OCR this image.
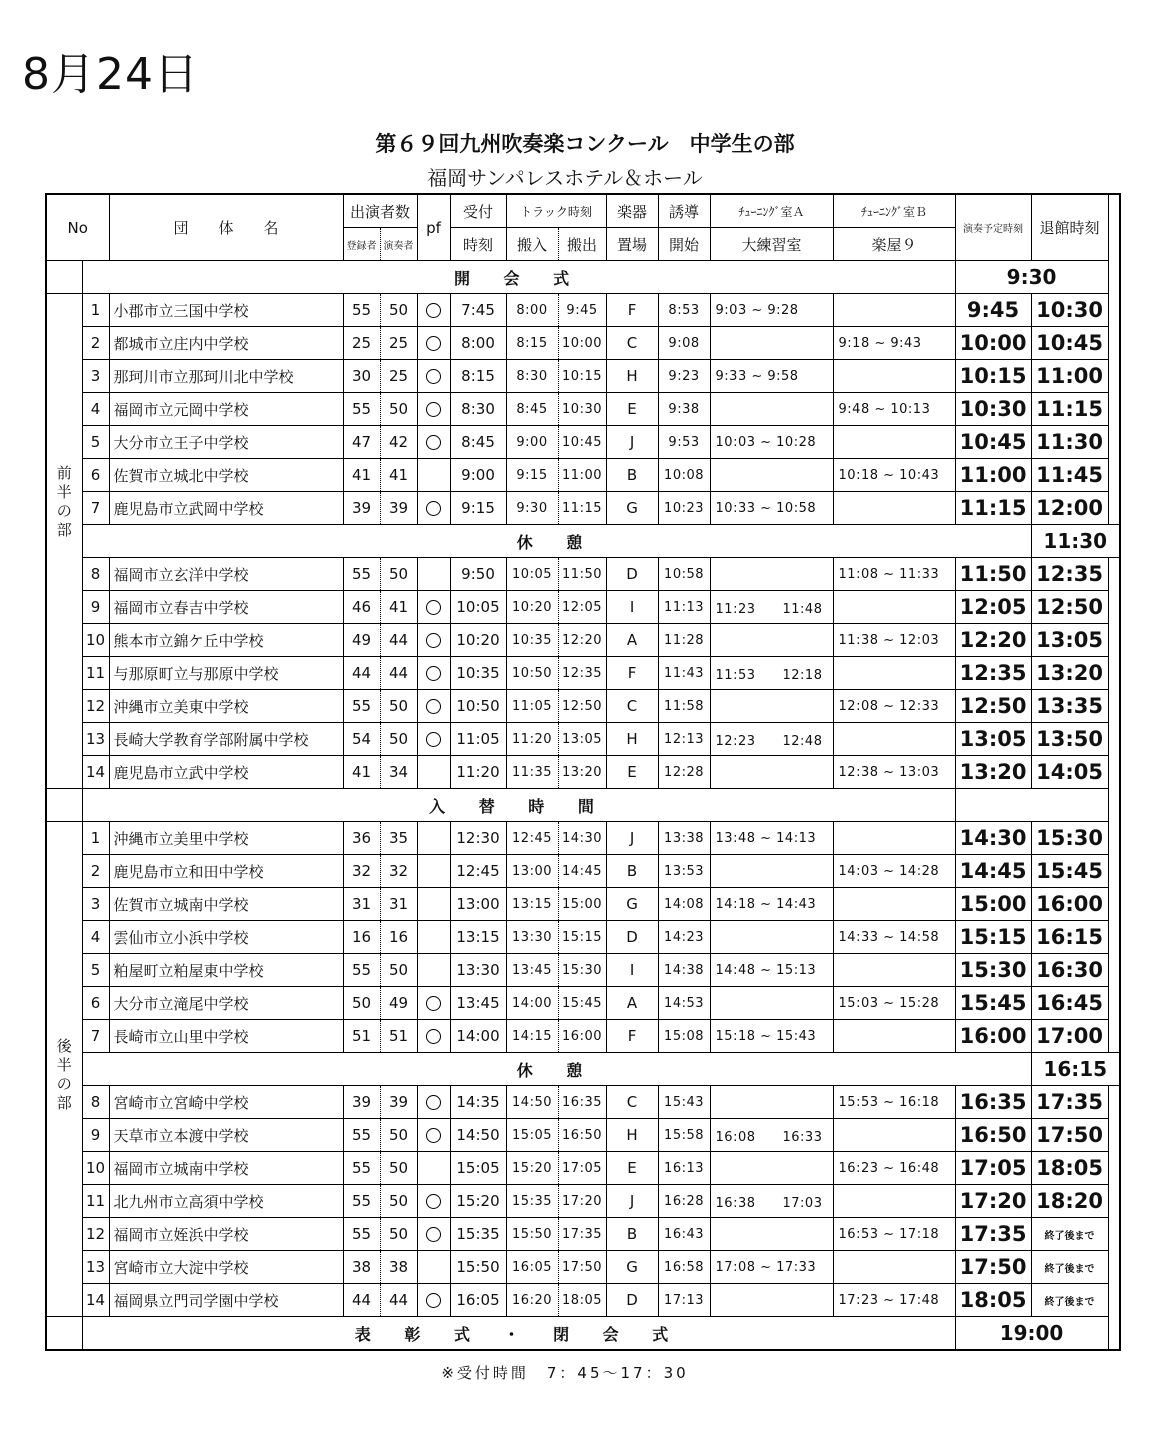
8月24日
第６９回九州吹奏楽コンクール　中学生の部
福岡サンパレスホテル＆ホール
No		団　　体　　名	出演者数		pf	受付	トラック時刻		楽器	誘導	ﾁｭｰﾆﾝｸﾞ室Ａ	ﾁｭｰﾆﾝｸﾞ室Ｂ	演奏予定時刻	退館時刻
			登録者	演奏者		時刻	搬入	搬出	置場	開始	大練習室	楽屋９		
	開 会 式												9:30	

前半の部	1	小郡市立三国中学校	55	50		7:45	8:00	9:45	F	8:53	9:03 ~ 9:28		9:45	10:30
	2	都城市立庄内中学校	25	25		8:00	8:15	10:00	C	9:08		9:18 ~ 9:43	10:00	10:45
	3	那珂川市立那珂川北中学校	30	25		8:15	8:30	10:15	H	9:23	9:33 ~ 9:58		10:15	11:00
	4	福岡市立元岡中学校	55	50		8:30	8:45	10:30	E	9:38		9:48 ~ 10:13	10:30	11:15
	5	大分市立王子中学校	47	42		8:45	9:00	10:45	J	9:53	10:03 ~ 10:28		10:45	11:30
	6	佐賀市立城北中学校	41	41		9:00	9:15	11:00	B	10:08		10:18 ~ 10:43	11:00	11:45
	7	鹿児島市立武岡中学校	39	39		9:15	9:30	11:15	G	10:23	10:33 ~ 10:58		11:15	12:00
	休 憩													11:30
	8	福岡市立玄洋中学校	55	50		9:50	10:05	11:50	D	10:58		11:08 ~ 11:33	11:50	12:35
	9	福岡市立春吉中学校	46	41		10:05	10:20	12:05	I	11:13	11:23　　11:48		12:05	12:50
	10	熊本市立錦ケ丘中学校	49	44		10:20	10:35	12:20	A	11:28		11:38 ~ 12:03	12:20	13:05
	11	与那原町立与那原中学校	44	44		10:35	10:50	12:35	F	11:43	11:53　　12:18		12:35	13:20
	12	沖縄市立美東中学校	55	50		10:50	11:05	12:50	C	11:58		12:08 ~ 12:33	12:50	13:35
	13	長崎大学教育学部附属中学校	54	50		11:05	11:20	13:05	H	12:13	12:23　　12:48		13:05	13:50
	14	鹿児島市立武中学校	41	34		11:20	11:35	13:20	E	12:28		12:38 ~ 13:03	13:20	14:05
	入 替 時 間													

後半の部	1	沖縄市立美里中学校	36	35		12:30	12:45	14:30	J	13:38	13:48 ~ 14:13		14:30	15:30
	2	鹿児島市立和田中学校	32	32		12:45	13:00	14:45	B	13:53		14:03 ~ 14:28	14:45	15:45
	3	佐賀市立城南中学校	31	31		13:00	13:15	15:00	G	14:08	14:18 ~ 14:43		15:00	16:00
	4	雲仙市立小浜中学校	16	16		13:15	13:30	15:15	D	14:23		14:33 ~ 14:58	15:15	16:15
	5	粕屋町立粕屋東中学校	55	50		13:30	13:45	15:30	I	14:38	14:48 ~ 15:13		15:30	16:30
	6	大分市立滝尾中学校	50	49		13:45	14:00	15:45	A	14:53		15:03 ~ 15:28	15:45	16:45
	7	長崎市立山里中学校	51	51		14:00	14:15	16:00	F	15:08	15:18 ~ 15:43		16:00	17:00
	休 憩													16:15
	8	宮崎市立宮崎中学校	39	39		14:35	14:50	16:35	C	15:43		15:53 ~ 16:18	16:35	17:35
	9	天草市立本渡中学校	55	50		14:50	15:05	16:50	H	15:58	16:08　　16:33		16:50	17:50
	10	福岡市立城南中学校	55	50		15:05	15:20	17:05	E	16:13		16:23 ~ 16:48	17:05	18:05
	11	北九州市立高須中学校	55	50		15:20	15:35	17:20	J	16:28	16:38　　17:03		17:20	18:20
	12	福岡市立姪浜中学校	55	50		15:35	15:50	17:35	B	16:43		16:53 ~ 17:18	17:35	終了後まで
	13	宮崎市立大淀中学校	38	38		15:50	16:05	17:50	G	16:58	17:08 ~ 17:33		17:50	終了後まで
	14	福岡県立門司学園中学校	44	44		16:05	16:20	18:05	D	17:13		17:23 ~ 17:48	18:05	終了後まで
	表 彰 式 ・ 閉 会 式												19:00	
※受付時間　7：45〜17：30
